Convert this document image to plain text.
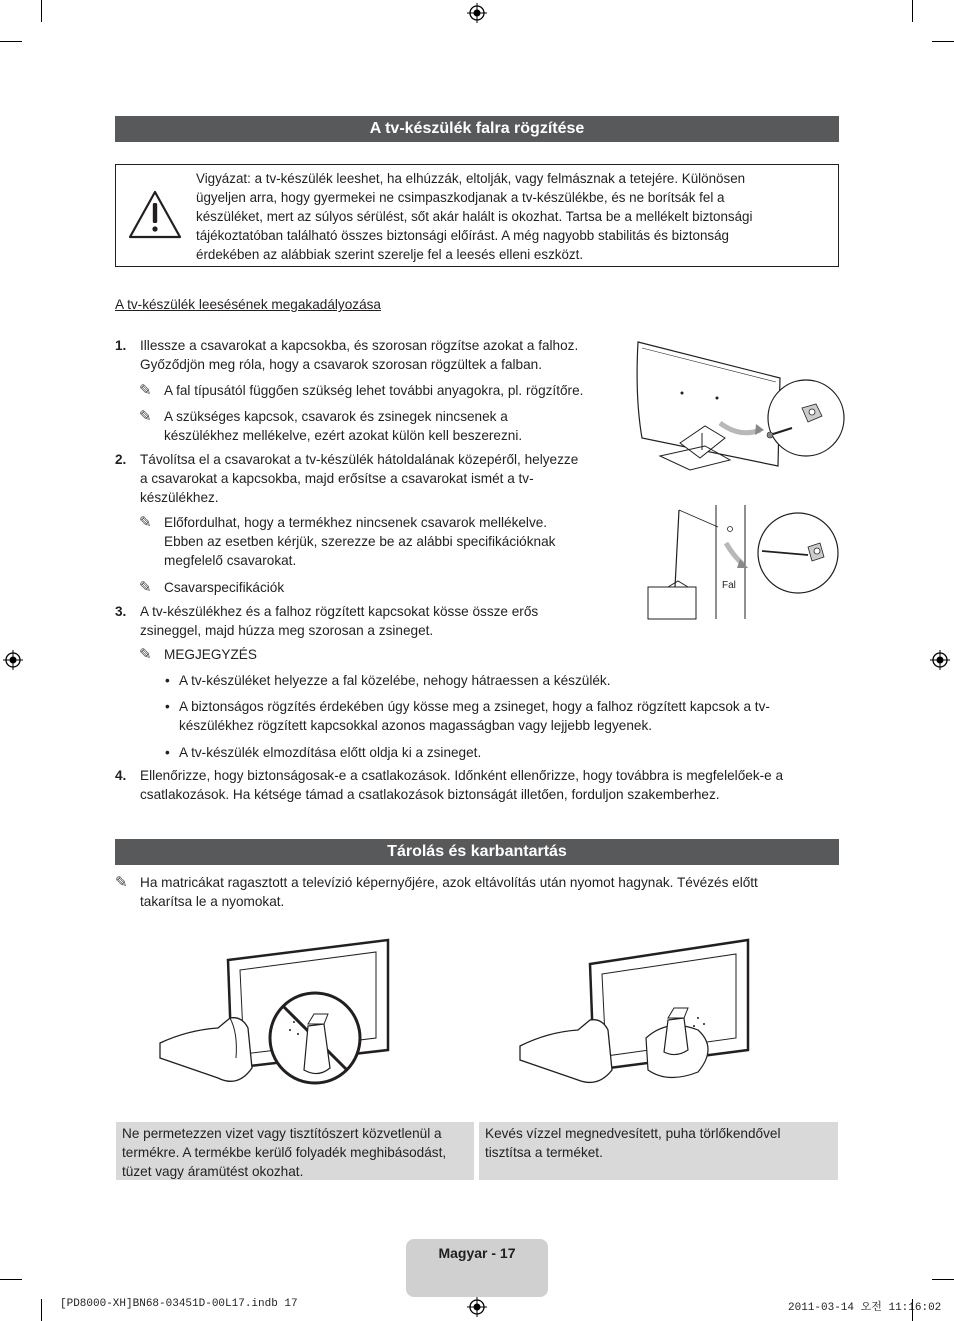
A tv-készülék falra rögzítése
Vigyázat: a tv-készülék leeshet, ha elhúzzák, eltolják, vagy felmásznak a tetejére. Különösen
ügyeljen arra, hogy gyermekei ne csimpaszkodjanak a tv-készülékbe, és ne borítsák fel a
készüléket, mert az súlyos sérülést, sőt akár halált is okozhat. Tartsa be a mellékelt biztonsági
tájékoztatóban található összes biztonsági előírást. A még nagyobb stabilitás és biztonság
érdekében az alábbiak szerint szerelje fel a leesés elleni eszközt.
A tv-készülék leesésének megakadályozása
1. Illessze a csavarokat a kapcsokba, és szorosan rögzítse azokat a falhoz.
Győződjön meg róla, hogy a csavarok szorosan rögzültek a falban.
✎ A fal típusától függően szükség lehet további anyagokra, pl. rögzítőre.
✎ A szükséges kapcsok, csavarok és zsinegek nincsenek a
készülékhez mellékelve, ezért azokat külön kell beszerezni.
2. Távolítsa el a csavarokat a tv-készülék hátoldalának közepéről, helyezze
a csavarokat a kapcsokba, majd erősítse a csavarokat ismét a tv-
készülékhez.
✎ Előfordulhat, hogy a termékhez nincsenek csavarok mellékelve.
Ebben az esetben kérjük, szerezze be az alábbi specifikációknak
megfelelő csavarokat.
✎ Csavarspecifikációk
3. A tv-készülékhez és a falhoz rögzített kapcsokat kösse össze erős
zsineggel, majd húzza meg szorosan a zsineget.
✎ MEGJEGYZÉS
• A tv-készüléket helyezze a fal közelébe, nehogy hátraessen a készülék.
• A biztonságos rögzítés érdekében úgy kösse meg a zsineget, hogy a falhoz rögzített kapcsok a tv-
készülékhez rögzített kapcsokkal azonos magasságban vagy lejjebb legyenek.
• A tv-készülék elmozdítása előtt oldja ki a zsineget.
4. Ellenőrizze, hogy biztonságosak-e a csatlakozások. Időnként ellenőrizze, hogy továbbra is megfelelőek-e a
csatlakozások. Ha kétsége támad a csatlakozások biztonságát illetően, forduljon szakemberhez.
Fal
Tárolás és karbantartás
✎ Ha matricákat ragasztott a televízió képernyőjére, azok eltávolítás után nyomot hagynak. Tévézés előtt
takarítsa le a nyomokat.
Ne permetezzen vizet vagy tisztítószert közvetlenül a
termékre. A termékbe kerülő folyadék meghibásodást,
tüzet vagy áramütést okozhat.
Kevés vízzel megnedvesített, puha törlőkendővel
tisztítsa a terméket.
Magyar - 17
[PD8000-XH]BN68-03451D-00L17.indb 17	2011-03-14 오전 11:16:02
